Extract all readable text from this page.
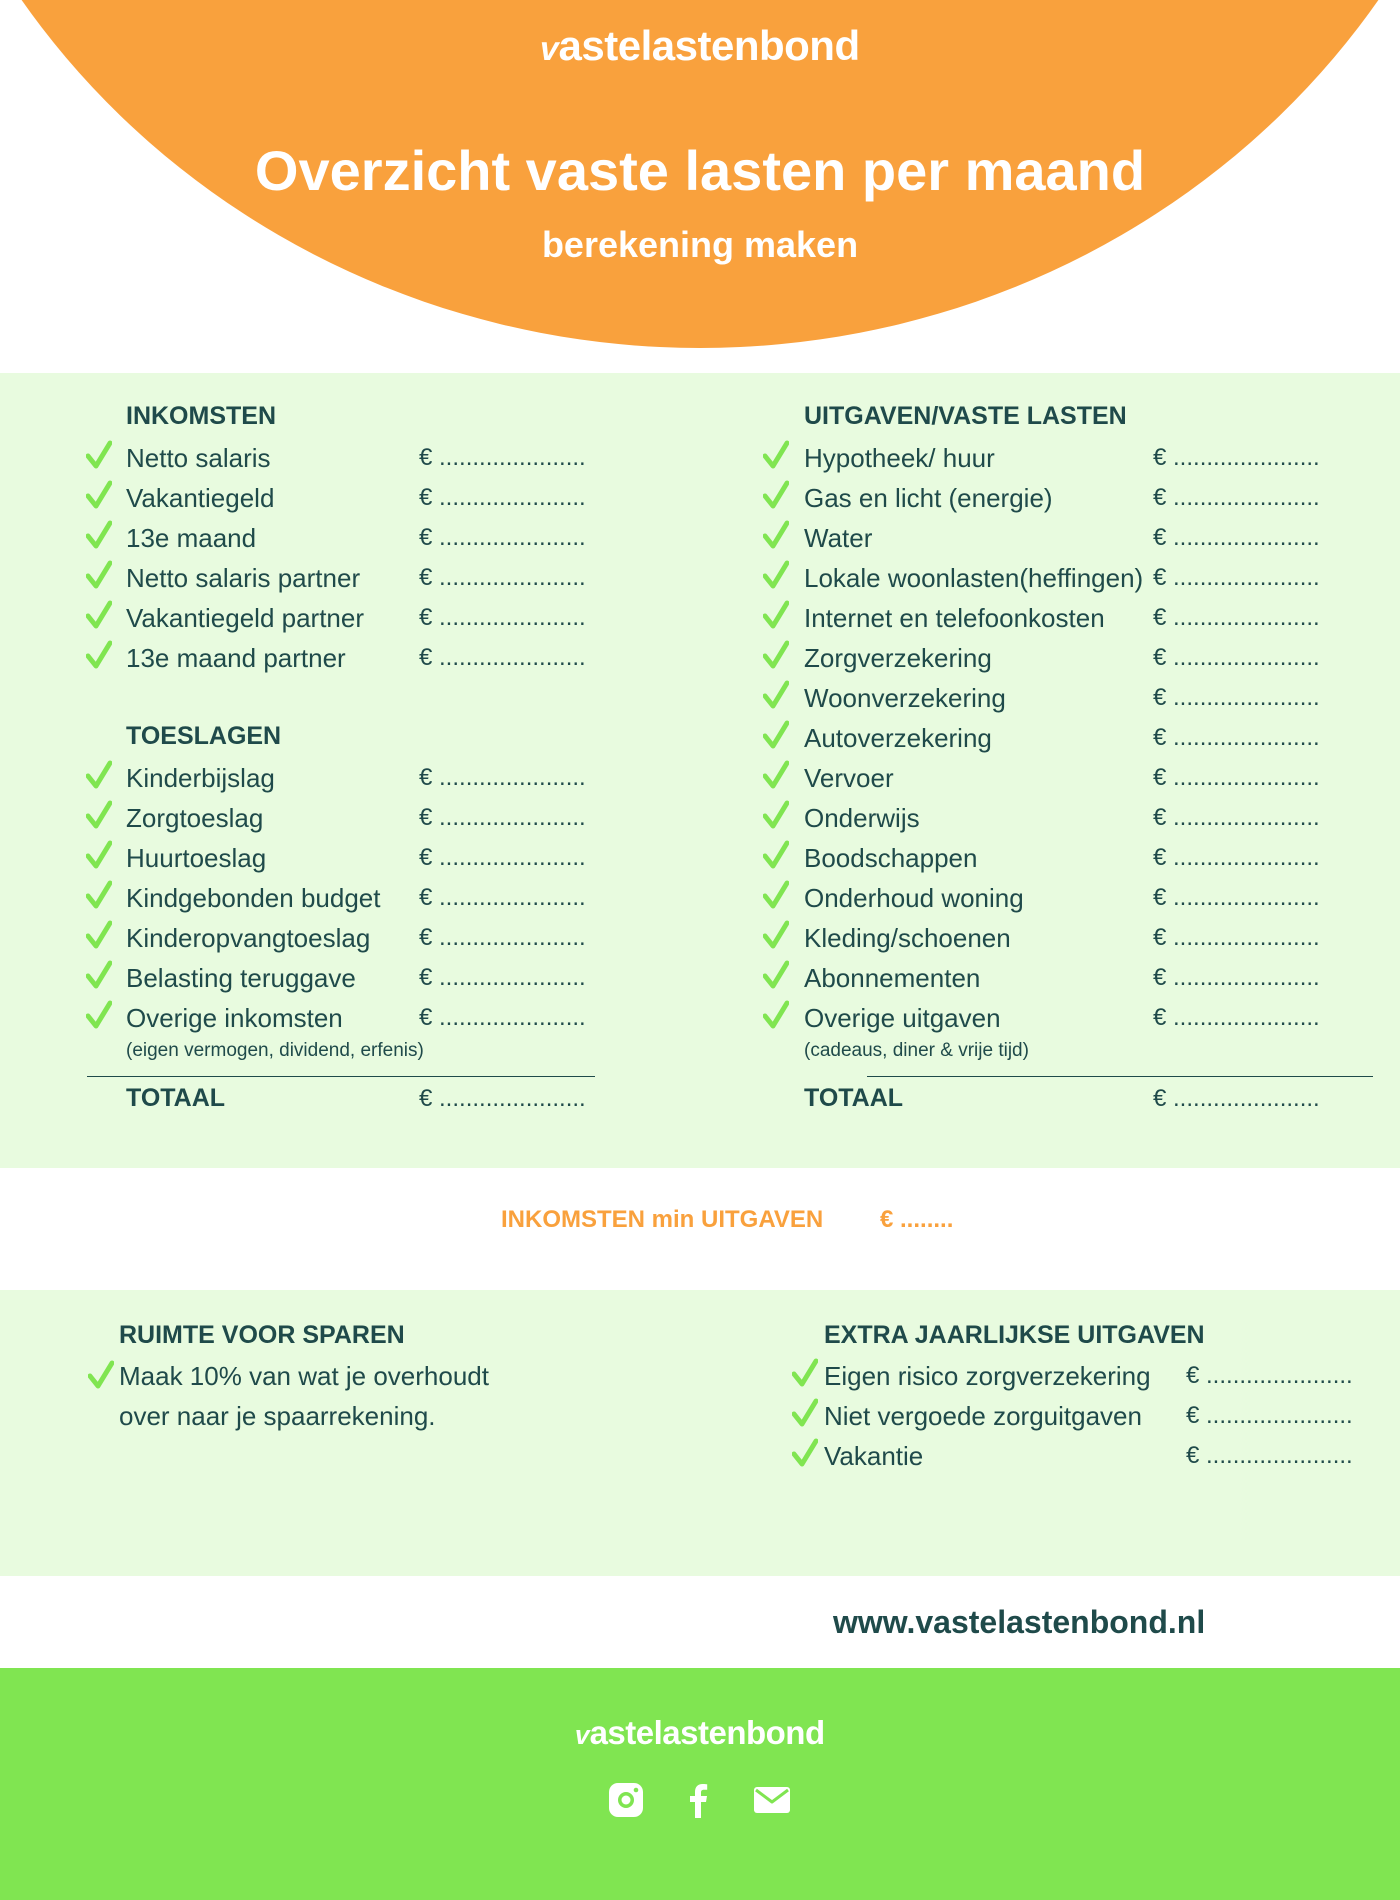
vastelastenbond
Overzicht vaste lasten per maand
berekening maken
INKOMSTEN
Netto salaris	€ ......................
Vakantiegeld	€ ......................
13e maand	€ ......................
Netto salaris partner € ......................
Vakantiegeld partner € ......................
13e maand partner	€ ......................
TOESLAGEN
Kinderbijslag	€ ......................
Zorgtoeslag	€ ......................
Huurtoeslag	€ ......................
Kindgebonden budget € ......................
Kinderopvangtoeslag € ......................
Belasting teruggave	€ ......................
Overige inkomsten	€ ......................
(eigen vermogen, dividend, erfenis)
TOTAAL	€ ......................
UITGAVEN/VASTE LASTEN
Hypotheek/ huur	€ ......................
Gas en licht (energie)	€ ......................
Water	€ ......................
Lokale woonlasten(heffingen) € ......................
Internet en telefoonkosten € ......................
Zorgverzekering	€ ......................
Woonverzekering	€ ......................
Autoverzekering	€ ......................
Vervoer	€ ......................
Onderwijs	€ ......................
Boodschappen	€ ......................
Onderhoud woning	€ ......................
Kleding/schoenen	€ ......................
Abonnementen	€ ......................
Overige uitgaven	€ ......................
(cadeaus, diner & vrije tijd)
TOTAAL	€ ......................
INKOMSTEN min UITGAVEN € ........
RUIMTE VOOR SPAREN
Maak 10% van wat je overhoudt
over naar je spaarrekening.
EXTRA JAARLIJKSE UITGAVEN
Eigen risico zorgverzekering € ......................
Niet vergoede zorguitgaven € ......................
Vakantie	€ ......................
www.vastelastenbond.nl
vastelastenbond
